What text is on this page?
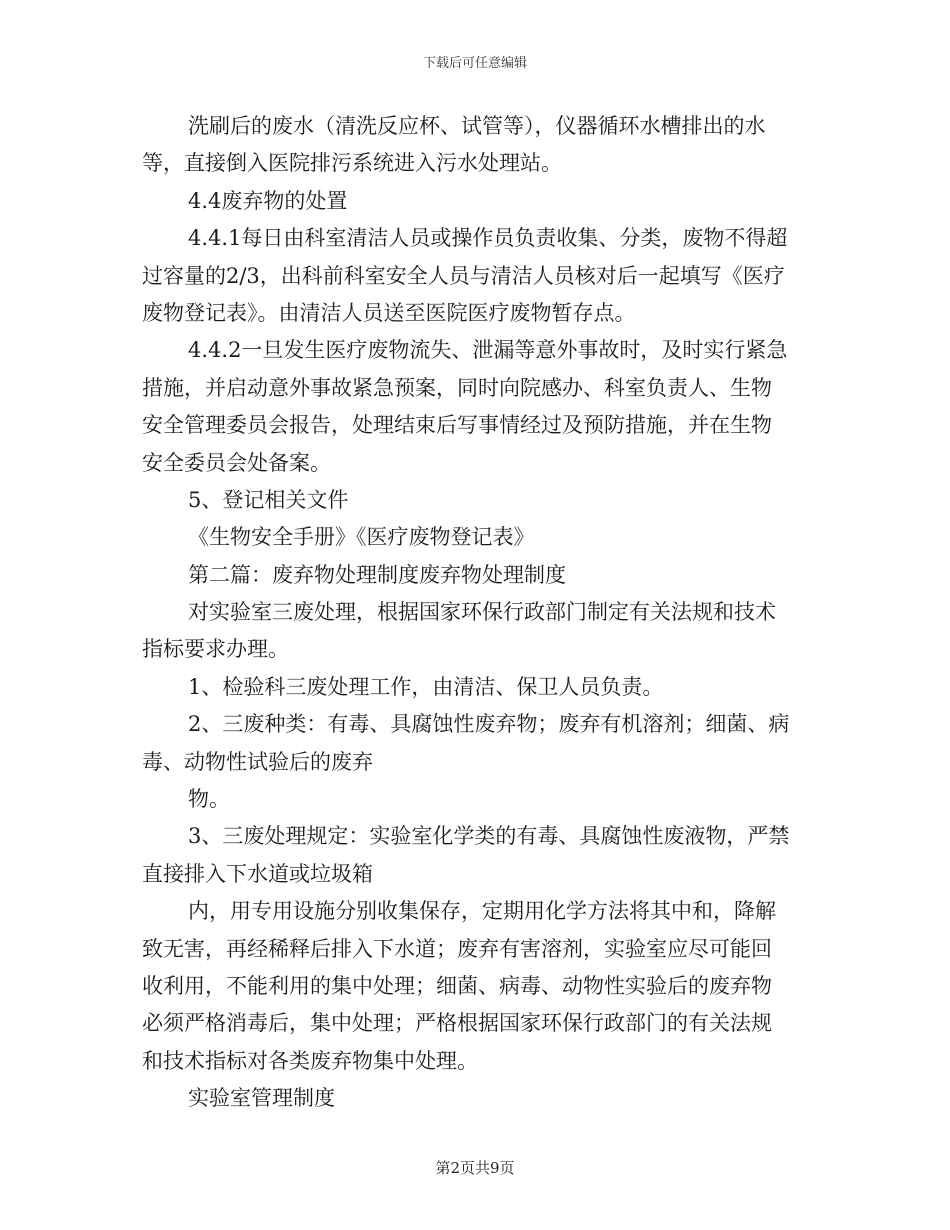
下载后可任意编辑
洗刷后的废水（清洗反应杯、试管等），仪器循环水槽排出的水
等，直接倒入医院排污系统进入污水处理站。
4.4废弃物的处置
4.4.1每日由科室清洁人员或操作员负责收集、分类，废物不得超
过容量的2/3，出科前科室安全人员与清洁人员核对后一起填写《医疗
废物登记表》。由清洁人员送至医院医疗废物暂存点。
4.4.2一旦发生医疗废物流失、泄漏等意外事故时，及时实行紧急
措施，并启动意外事故紧急预案，同时向院感办、科室负责人、生物
安全管理委员会报告，处理结束后写事情经过及预防措施，并在生物
安全委员会处备案。
5、登记相关文件
《生物安全手册》《医疗废物登记表》
第二篇：废弃物处理制度废弃物处理制度
对实验室三废处理，根据国家环保行政部门制定有关法规和技术
指标要求办理。
1、检验科三废处理工作，由清洁、保卫人员负责。
2、三废种类：有毒、具腐蚀性废弃物；废弃有机溶剂；细菌、病
毒、动物性试验后的废弃
物。
3、三废处理规定：实验室化学类的有毒、具腐蚀性废液物，严禁
直接排入下水道或垃圾箱
内，用专用设施分别收集保存，定期用化学方法将其中和，降解
致无害，再经稀释后排入下水道；废弃有害溶剂，实验室应尽可能回
收利用，不能利用的集中处理；细菌、病毒、动物性实验后的废弃物
必须严格消毒后，集中处理；严格根据国家环保行政部门的有关法规
和技术指标对各类废弃物集中处理。
实验室管理制度
第2页共9页
